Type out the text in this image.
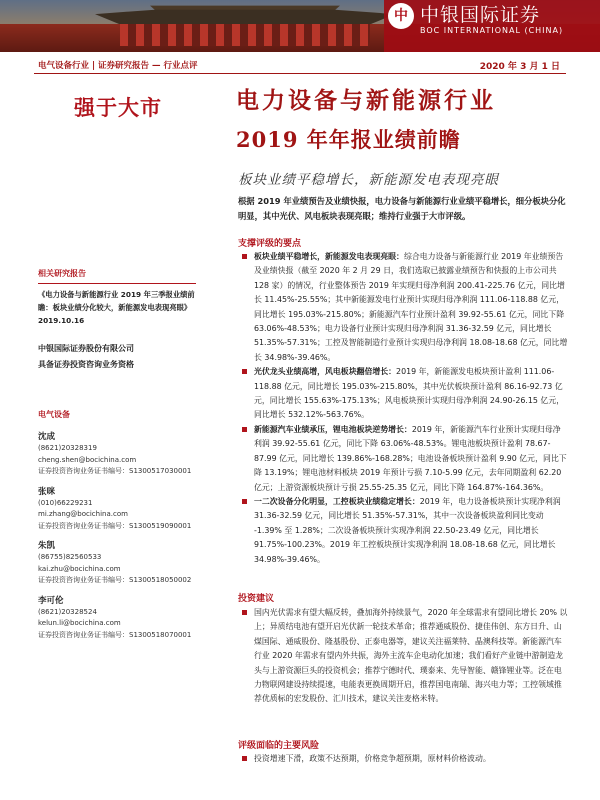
中 中银国际证券
BOC INTERNATIONAL (CHINA)
电气设备行业 | 证券研究报告 — 行业点评	2020 年 3 月 1 日
强于大市	电力设备与新能源行业
2019 年年报业绩前瞻
板块业绩平稳增长，新能源发电表现亮眼

根据 2019 年业绩预告及业绩快报，电力设备与新能源行业业绩平稳增长，细分板块分化明显，其中光伏、风电板块表现亮眼；维持行业强于大市评级。

支撑评级的要点
板块业绩平稳增长，新能源发电表现亮眼：综合电力设备与新能源行业 2019 年业绩预告及业绩快报（截至 2020 年 2 月 29 日，我们选取已披露业绩预告和快报的上市公司共 128 家）的情况，行业整体预告 2019 年实现归母净利润 200.41-225.76 亿元，同比增长 11.45%-25.55%；其中新能源发电行业预计实现归母净利润 111.06-118.88 亿元，同比增长 195.03%-215.80%；新能源汽车行业预计盈利 39.92-55.61 亿元，同比下降 63.06%-48.53%；电力设备行业预计实现归母净利润 31.36-32.59 亿元，同比增长 51.35%-57.31%；工控及智能制造行业预计实现归母净利润 18.08-18.68 亿元，同比增长 34.98%-39.46%。
光伏龙头业绩高增，风电板块翻倍增长：2019 年，新能源发电板块预计盈利 111.06-118.88 亿元，同比增长 195.03%-215.80%，其中光伏板块预计盈利 86.16-92.73 亿元，同比增长 155.63%-175.13%；风电板块预计实现归母净利润 24.90-26.15 亿元，同比增长 532.12%-563.76%。
新能源汽车业绩承压，锂电池板块逆势增长：2019 年，新能源汽车行业预计实现归母净利润 39.92-55.61 亿元，同比下降 63.06%-48.53%。锂电池板块预计盈利 78.67-87.99 亿元，同比增长 139.86%-168.28%；电池设备板块预计盈利 9.90 亿元，同比下降 13.19%；锂电池材料板块 2019 年预计亏损 7.10-5.99 亿元，去年同期盈利 62.20 亿元；上游资源板块预计亏损 25.55-25.35 亿元，同比下降 164.87%-164.36%。
一二次设备分化明显，工控板块业绩稳定增长：2019 年，电力设备板块预计实现净利润 31.36-32.59 亿元，同比增长 51.35%-57.31%，其中一次设备板块盈利同比变动 -1.39% 至 1.28%；二次设备板块预计实现净利润 22.50-23.49 亿元，同比增长 91.75%-100.23%。2019 年工控板块预计实现净利润 18.08-18.68 亿元，同比增长 34.98%-39.46%。
投资建议
国内光伏需求有望大幅反转，叠加海外持续景气，2020 年全球需求有望同比增长 20% 以上；异质结电池有望开启光伏新一轮技术革命；推荐通威股份、捷佳伟创、东方日升、山煤国际、通威股份、隆基股份、正泰电器等，建议关注福莱特、晶澳科技等。新能源汽车行业 2020 年需求有望内外共振，海外主流车企电动化加速；我们看好产业链中游制造龙头与上游资源巨头的投资机会；推荐宁德时代、璞泰来、先导智能、赣锋锂业等。泛在电力物联网建设持续提速，电能表更换周期开启，推荐国电南瑞、海兴电力等；工控领域推荐优质标的宏发股份、汇川技术，建议关注麦格米特。
评级面临的主要风险
投资增速下滑，政策不达预期，价格竞争超预期，原材料价格波动。
相关研究报告
《电力设备与新能源行业 2019 年三季报业绩前瞻：板块业绩分化较大，新能源发电表现亮眼》2019.10.16
中银国际证券股份有限公司
具备证券投资咨询业务资格
电气设备
沈成
(8621)20328319
cheng.shen@bocichina.com
证券投资咨询业务证书编号：S1300517030001
张咪
(010)66229231
mi.zhang@bocichina.com
证券投资咨询业务证书编号：S1300519090001
朱凯
(86755)82560533
kai.zhu@bocichina.com
证券投资咨询业务证书编号：S1300518050002
李可伦
(8621)20328524
kelun.li@bocichina.com
证券投资咨询业务证书编号：S1300518070001
